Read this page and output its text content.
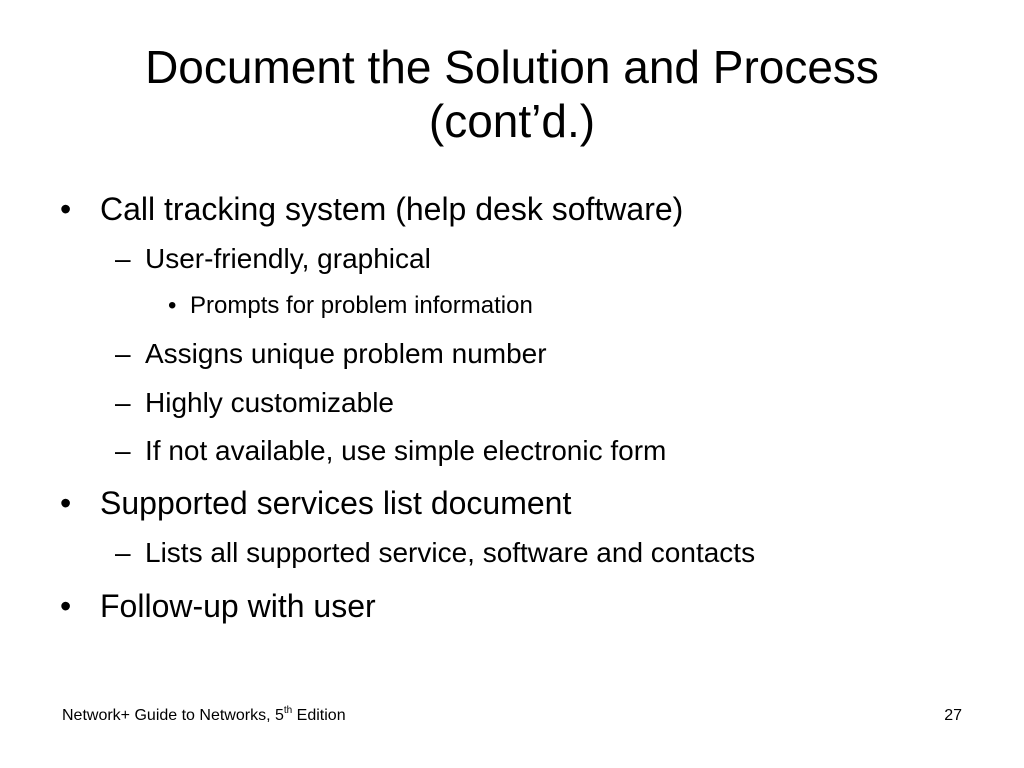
Document the Solution and Process
(cont’d.)
• Call tracking system (help desk software)
– User-friendly, graphical
• Prompts for problem information
– Assigns unique problem number
– Highly customizable
– If not available, use simple electronic form
• Supported services list document
– Lists all supported service, software and contacts
• Follow-up with user
Network+ Guide to Networks, 5th Edition	27
